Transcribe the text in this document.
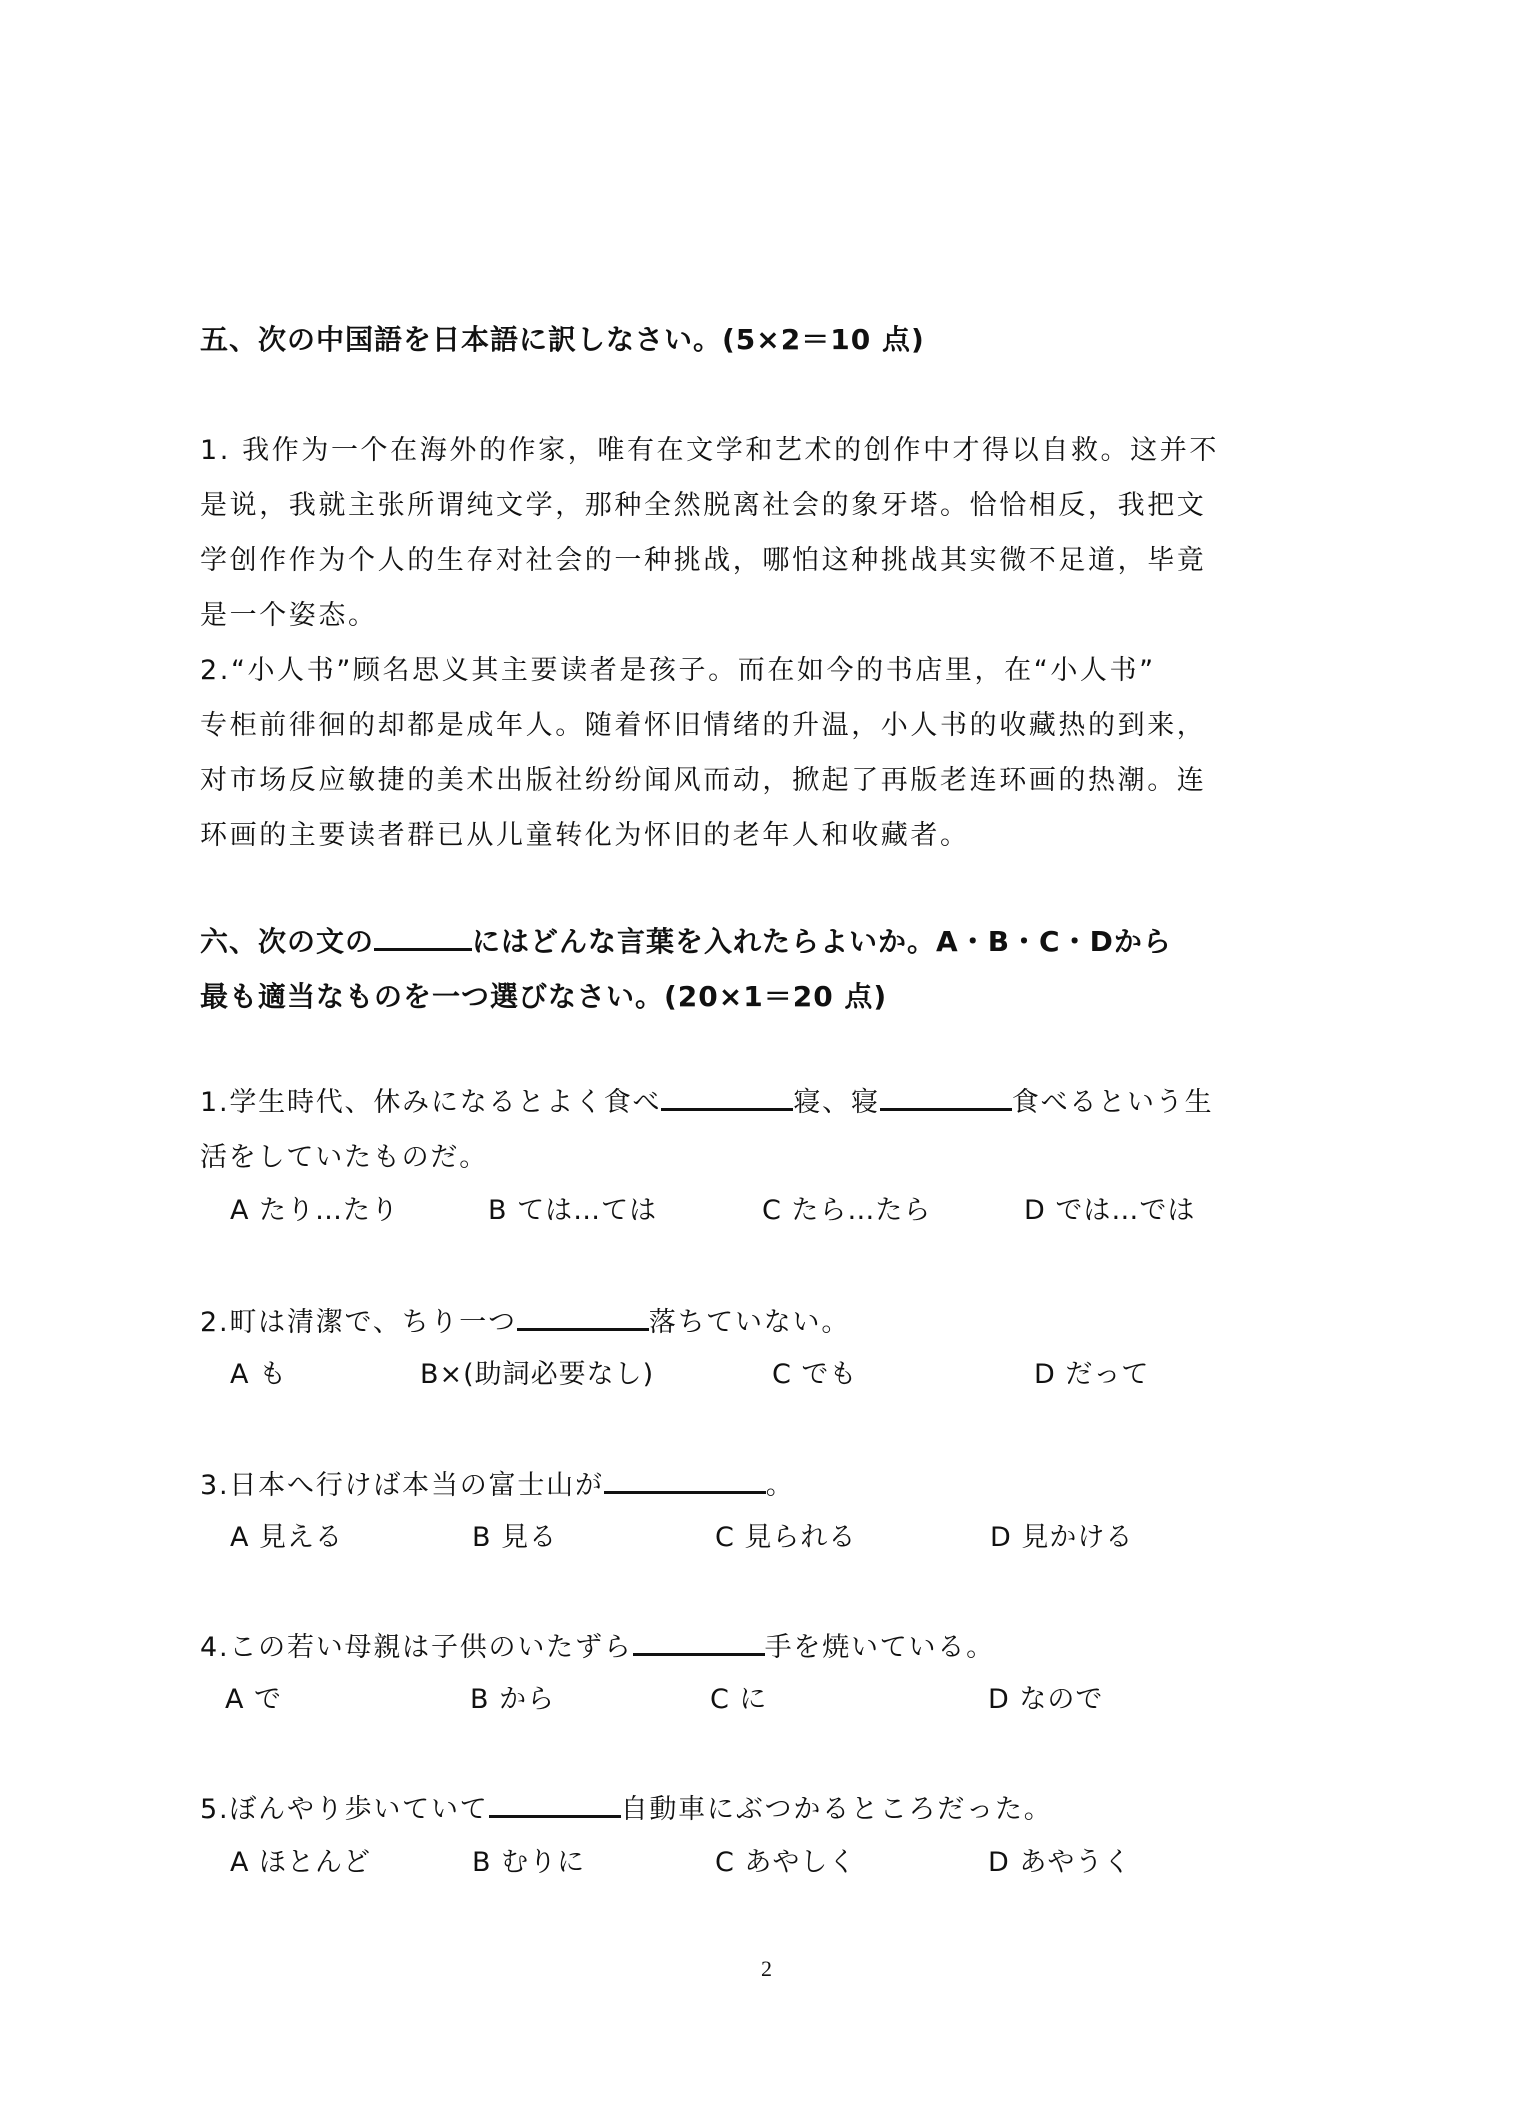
五、次の中国語を日本語に訳しなさい。(5×2＝10 点)
1. 我作为一个在海外的作家，唯有在文学和艺术的创作中才得以自救。这并不
是说，我就主张所谓纯文学，那种全然脱离社会的象牙塔。恰恰相反，我把文
学创作作为个人的生存对社会的一种挑战，哪怕这种挑战其实微不足道，毕竟
是一个姿态。
2.“小人书”顾名思义其主要读者是孩子。而在如今的书店里，在“小人书”
专柜前徘徊的却都是成年人。随着怀旧情绪的升温，小人书的收藏热的到来，
对市场反应敏捷的美术出版社纷纷闻风而动，掀起了再版老连环画的热潮。连
环画的主要读者群已从儿童转化为怀旧的老年人和收藏者。
六、次の文の	にはどんな言葉を入れたらよいか。A・B・C・Dから
最も適当なものを一つ選びなさい。(20×1＝20 点)
1.学生時代、休みになるとよく食べ	寝、寝	食べるという生
活をしていたものだ。
A たり…たり	B ては…ては	C たら…たら	D では…では
2.町は清潔で、ちり一つ	落ちていない。
A も	B×(助詞必要なし)	C でも	D だって
3.日本へ行けば本当の富士山が	。
A 見える	B 見る	C 見られる	D 見かける
4.この若い母親は子供のいたずら	手を焼いている。
A で	B から	C に	D なので
5.ぼんやり歩いていて	自動車にぶつかるところだった。
A ほとんど	B むりに	C あやしく	D あやうく
2
